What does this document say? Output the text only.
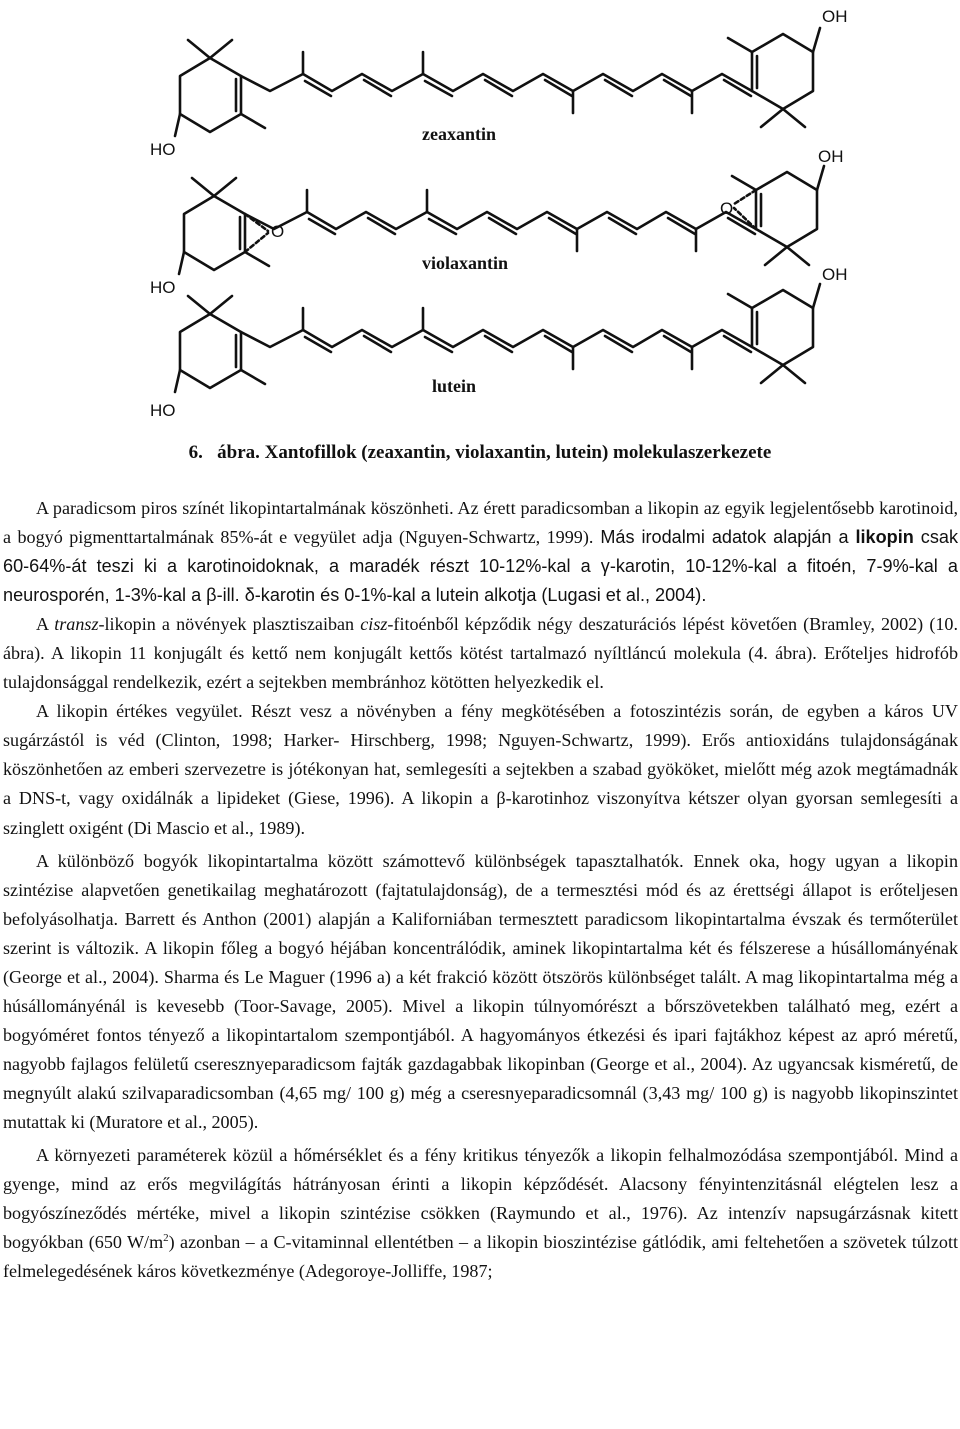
HO
OH
zeaxantin
O
O
HO
OH
violaxantin
HO
OH
lutein

6. ábra. Xantofillok (zeaxantin, violaxantin, lutein) molekulaszerkezete

A paradicsom piros színét likopintartalmának köszönheti. Az érett paradicsomban a likopin az egyik legjelentősebb karotinoid, a bogyó pigmenttartalmának 85%-át e vegyület adja (Nguyen-Schwartz, 1999). Más irodalmi adatok alapján a likopin csak 60-64%-át teszi ki a karotinoidoknak, a maradék részt 10-12%-kal a γ-karotin, 10-12%-kal a fitoén, 7-9%-kal a neurosporén, 1-3%-kal a β-ill. δ-karotin és 0-1%-kal a lutein alkotja (Lugasi et al., 2004).

A transz-likopin a növények plasztiszaiban cisz-fitoénből képződik négy deszaturációs lépést követően (Bramley, 2002) (10. ábra). A likopin 11 konjugált és kettő nem konjugált kettős kötést tartalmazó nyíltláncú molekula (4. ábra). Erőteljes hidrofób tulajdonsággal rendelkezik, ezért a sejtekben membránhoz kötötten helyezkedik el.

A likopin értékes vegyület. Részt vesz a növényben a fény megkötésében a fotoszintézis során, de egyben a káros UV sugárzástól is véd (Clinton, 1998; Harker- Hirschberg, 1998; Nguyen-Schwartz, 1999). Erős antioxidáns tulajdonságának köszönhetően az emberi szervezetre is jótékonyan hat, semlegesíti a sejtekben a szabad gyököket, mielőtt még azok megtámadnák a DNS-t, vagy oxidálnák a lipideket (Giese, 1996). A likopin a β-karotinhoz viszonyítva kétszer olyan gyorsan semlegesíti a szinglett oxigént (Di Mascio et al., 1989).

A különböző bogyók likopintartalma között számottevő különbségek tapasztalhatók. Ennek oka, hogy ugyan a likopin szintézise alapvetően genetikailag meghatározott (fajtatulajdonság), de a termesztési mód és az érettségi állapot is erőteljesen befolyásolhatja. Barrett és Anthon (2001) alapján a Kaliforniában termesztett paradicsom likopintartalma évszak és termőterület szerint is változik. A likopin főleg a bogyó héjában koncentrálódik, aminek likopintartalma két és félszerese a húsállományénak (George et al., 2004). Sharma és Le Maguer (1996 a) a két frakció között ötszörös különbséget talált. A mag likopintartalma még a húsállományénál is kevesebb (Toor-Savage, 2005). Mivel a likopin túlnyomórészt a bőrszövetekben található meg, ezért a bogyóméret fontos tényező a likopintartalom szempontjából. A hagyományos étkezési és ipari fajtákhoz képest az apró méretű, nagyobb fajlagos felületű cseresznyeparadicsom fajták gazdagabbak likopinban (George et al., 2004). Az ugyancsak kisméretű, de megnyúlt alakú szilvaparadicsomban (4,65 mg/ 100 g) még a cseresnyeparadicsomnál (3,43 mg/ 100 g) is nagyobb likopinszintet mutattak ki (Muratore et al., 2005).

A környezeti paraméterek közül a hőmérséklet és a fény kritikus tényezők a likopin felhalmozódása szempontjából. Mind a gyenge, mind az erős megvilágítás hátrányosan érinti a likopin képződését. Alacsony fényintenzitásnál elégtelen lesz a bogyószíneződés mértéke, mivel a likopin szintézise csökken (Raymundo et al., 1976). Az intenzív napsugárzásnak kitett bogyókban (650 $W/m^2$) azonban – a C-vitaminnal ellentétben – a likopin bioszintézise gátlódik, ami feltehetően a szövetek túlzott felmelegedésének káros következménye (Adegoroye-Jolliffe, 1987;
